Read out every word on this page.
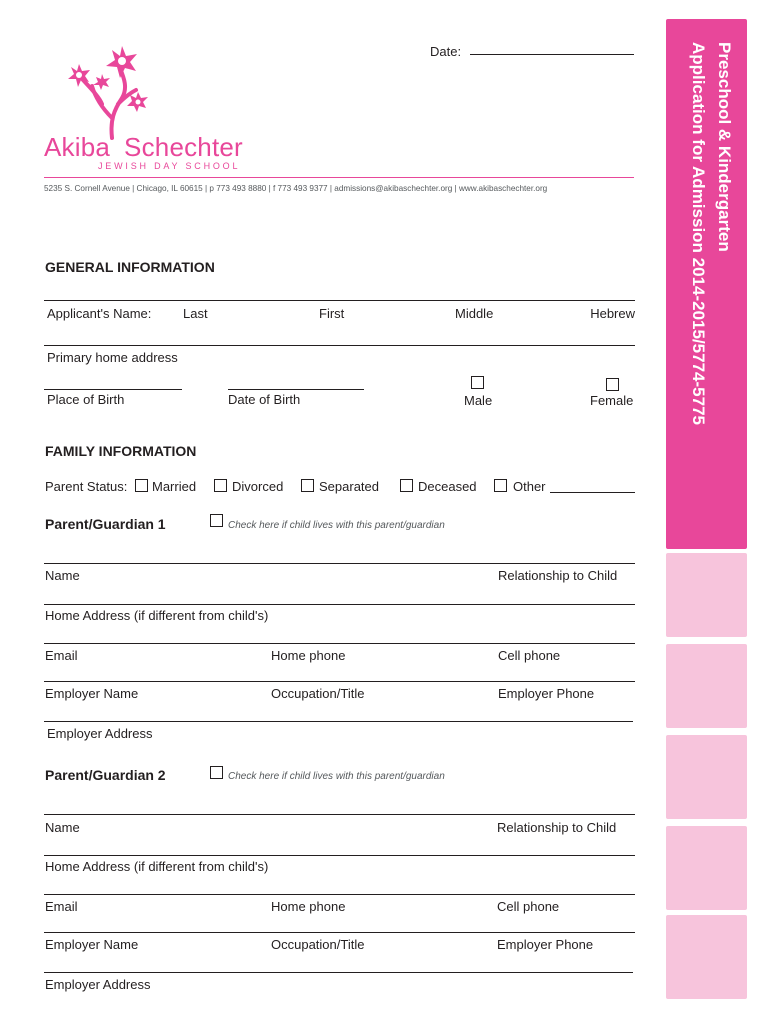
Preschool & Kindergarten
Application for Admission 2014-2015/5774-5775
Date:
Akiba Schechter
JEWISH DAY SCHOOL
5235 S. Cornell Avenue | Chicago, IL 60615 | p 773 493 8880 | f 773 493 9377 | admissions@akibaschechter.org | www.akibaschechter.org
GENERAL INFORMATION
Applicant's Name: Last	First	Middle	Hebrew
Primary home address
Place of Birth	Date of Birth	Male	Female
FAMILY INFORMATION
Parent Status: Married	Divorced	Separated	Deceased	Other
Parent/Guardian 1	Check here if child lives with this parent/guardian
Name	Relationship to Child
Home Address (if different from child's)
Email	Home phone	Cell phone
Employer Name	Occupation/Title	Employer Phone
Employer Address
Parent/Guardian 2	Check here if child lives with this parent/guardian
Name	Relationship to Child
Home Address (if different from child's)
Email	Home phone	Cell phone
Employer Name	Occupation/Title	Employer Phone
Employer Address
